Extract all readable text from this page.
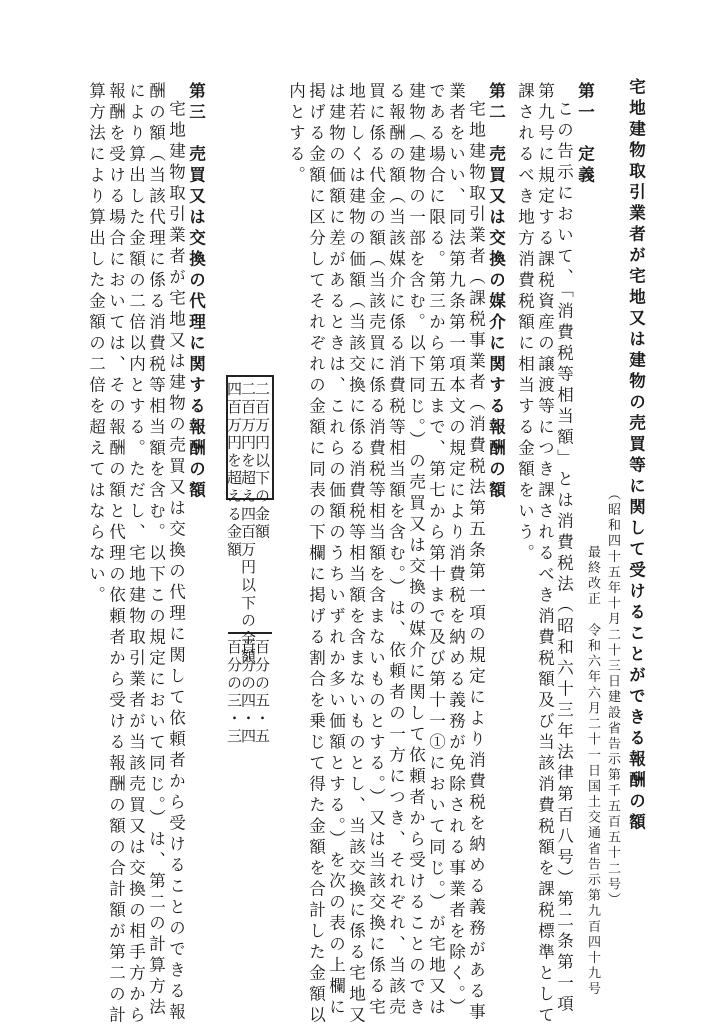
宅地建物取引業者が宅地又は建物の売買等に関して受けることができる報酬の額
（昭和四十五年十月二十三日建設省告示第千五百五十二号）
最終改正　令和六年六月二十一日国土交通省告示第九百四十九号
第一　定義
この告示において、「消費税等相当額」とは消費税法（昭和六十三年法律第百八号）第二条第一項
第九号に規定する課税資産の譲渡等につき課されるべき消費税額及び当該消費税額を課税標準として
課されるべき地方消費税額に相当する金額をいう。
第二　売買又は交換の媒介に関する報酬の額
宅地建物取引業者（課税事業者（消費税法第五条第一項の規定により消費税を納める義務がある事
業者をいい、同法第九条第一項本文の規定により消費税を納める義務が免除される事業者を除く。）
である場合に限る。第三から第五まで、第七から第十まで及び第十一①において同じ。）が宅地又は
建物（建物の一部を含む。以下同じ。）の売買又は交換の媒介に関して依頼者から受けることのでき
る報酬の額（当該媒介に係る消費税等相当額を含む。）は、依頼者の一方につき、それぞれ、当該売
買に係る代金の額（当該売買に係る消費税等相当額を含まないものとする。）又は当該交換に係る宅
地若しくは建物の価額（当該交換に係る消費税等相当額を含まないものとし、当該交換に係る宅地又
は建物の価額に差があるときは、これらの価額のうちいずれか多い価額とする。）を次の表の上欄に
掲げる金額に区分してそれぞれの金額に同表の下欄に掲げる割合を乗じて得た金額を合計した金額以
内とする。
二百万円以下の金額
二百万円を超え四百万円以下の金額
四百万円を超える金額
百分の五・五
百分の四・四
百分の三・三
第三　売買又は交換の代理に関する報酬の額
宅地建物取引業者が宅地又は建物の売買又は交換の代理に関して依頼者から受けることのできる報
酬の額（当該代理に係る消費税等相当額を含む。以下この規定において同じ。）は、第二の計算方法
により算出した金額の二倍以内とする。ただし、宅地建物取引業者が当該売買又は交換の相手方から
報酬を受ける場合においては、その報酬の額と代理の依頼者から受ける報酬の額の合計額が第二の計
算方法により算出した金額の二倍を超えてはならない。
